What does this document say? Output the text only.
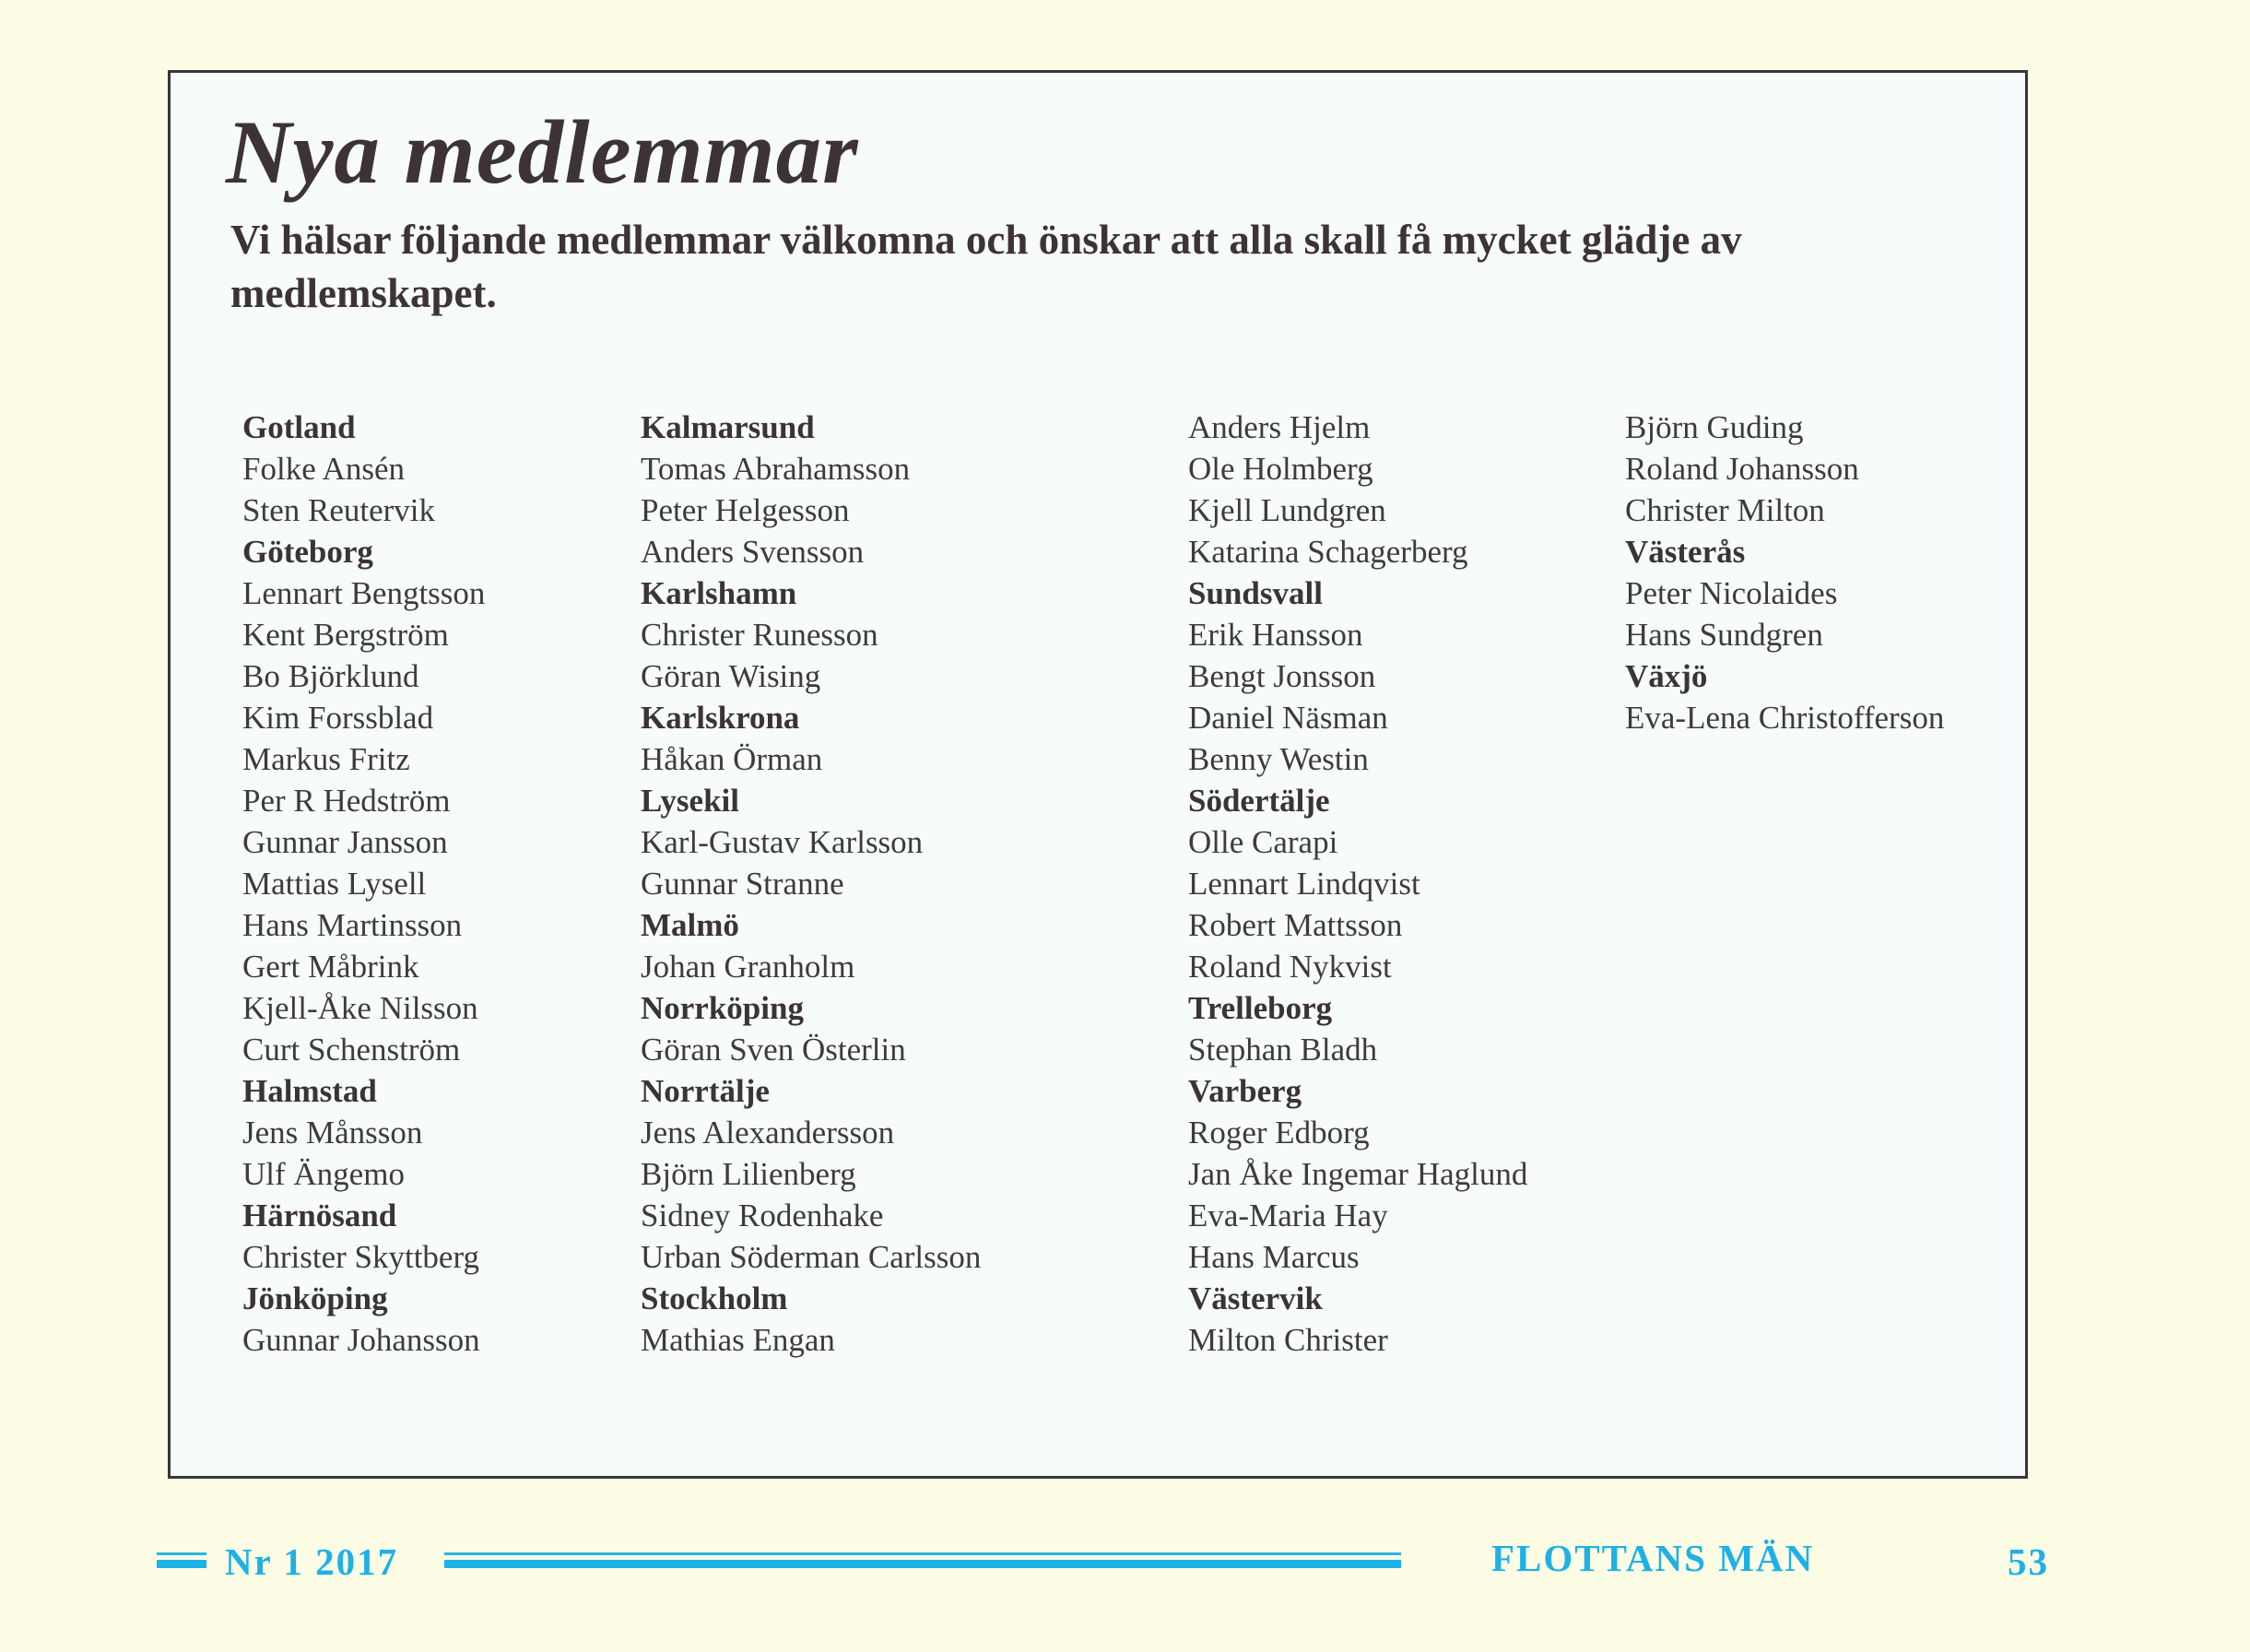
Nya medlemmar
Vi hälsar följande medlemmar välkomna och önskar att alla skall få mycket glädje av medlemskapet.
Gotland
Folke Ansén
Sten Reutervik
Göteborg
Lennart Bengtsson
Kent Bergström
Bo Björklund
Kim Forssblad
Markus Fritz
Per R Hedström
Gunnar Jansson
Mattias Lysell
Hans Martinsson
Gert Måbrink
Kjell-Åke Nilsson
Curt Schenström
Halmstad
Jens Månsson
Ulf Ängemo
Härnösand
Christer Skyttberg
Jönköping
Gunnar Johansson
Kalmarsund
Tomas Abrahamsson
Peter Helgesson
Anders Svensson
Karlshamn
Christer Runesson
Göran Wising
Karlskrona
Håkan Örman
Lysekil
Karl-Gustav Karlsson
Gunnar Stranne
Malmö
Johan Granholm
Norrköping
Göran Sven Österlin
Norrtälje
Jens Alexandersson
Björn Lilienberg
Sidney Rodenhake
Urban Söderman Carlsson
Stockholm
Mathias Engan
Anders Hjelm
Ole Holmberg
Kjell Lundgren
Katarina Schagerberg
Sundsvall
Erik Hansson
Bengt Jonsson
Daniel Näsman
Benny Westin
Södertälje
Olle Carapi
Lennart Lindqvist
Robert Mattsson
Roland Nykvist
Trelleborg
Stephan Bladh
Varberg
Roger Edborg
Jan Åke Ingemar Haglund
Eva-Maria Hay
Hans Marcus
Västervik
Milton Christer
Björn Guding
Roland Johansson
Christer Milton
Västerås
Peter Nicolaides
Hans Sundgren
Växjö
Eva-Lena Christofferson
Nr 1 2017	FLOTTANS MÄN	53
